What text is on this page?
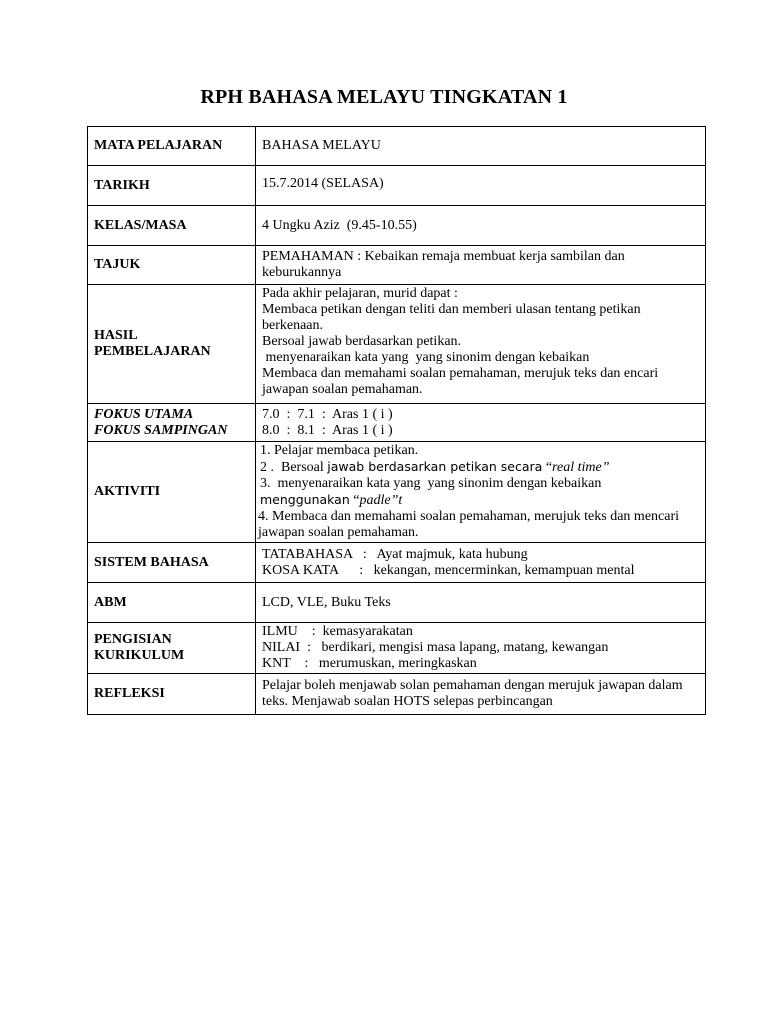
RPH BAHASA MELAYU TINGKATAN 1
MATA PELAJARAN	BAHASA MELAYU
TARIKH	15.7.2014 (SELASA)
KELAS/MASA	4 Ungku Aziz  (9.45-10.55)
TAJUK	PEMAHAMAN : Kebaikan remaja membuat kerja sambilan dan keburukannya

HASIL
PEMBELAJARAN	Pada akhir pelajaran, murid dapat :
Membaca petikan dengan teliti dan memberi ulasan tentang petikan berkenaan.
Bersoal jawab berdasarkan petikan.
menyenaraikan kata yang  yang sinonim dengan kebaikan
Membaca dan memahami soalan pemahaman, merujuk teks dan encari jawapan soalan pemahaman.

FOKUS UTAMA
FOKUS SAMPINGAN	7.0  :  7.1  :  Aras 1 ( i )
8.0  :  8.1  :  Aras 1 ( i )

AKTIVITI	1. Pelajar membaca petikan.
2 .  Bersoal jawab berdasarkan petikan secara “real time”
3.  menyenaraikan kata yang  yang sinonim dengan kebaikan
menggunakan “padle”t
4. Membaca dan memahami soalan pemahaman, merujuk teks dan mencari jawapan soalan pemahaman.

SISTEM BAHASA	TATABAHASA   :   Ayat majmuk, kata hubung
KOSA KATA      :   kekangan, mencerminkan, kemampuan mental

ABM	LCD, VLE, Buku Teks

PENGISIAN
KURIKULUM	ILMU    :  kemasyarakatan
NILAI  :   berdikari, mengisi masa lapang, matang, kewangan
KNT    :   merumuskan, meringkaskan

REFLEKSI	Pelajar boleh menjawab solan pemahaman dengan merujuk jawapan dalam teks. Menjawab soalan HOTS selepas perbincangan
